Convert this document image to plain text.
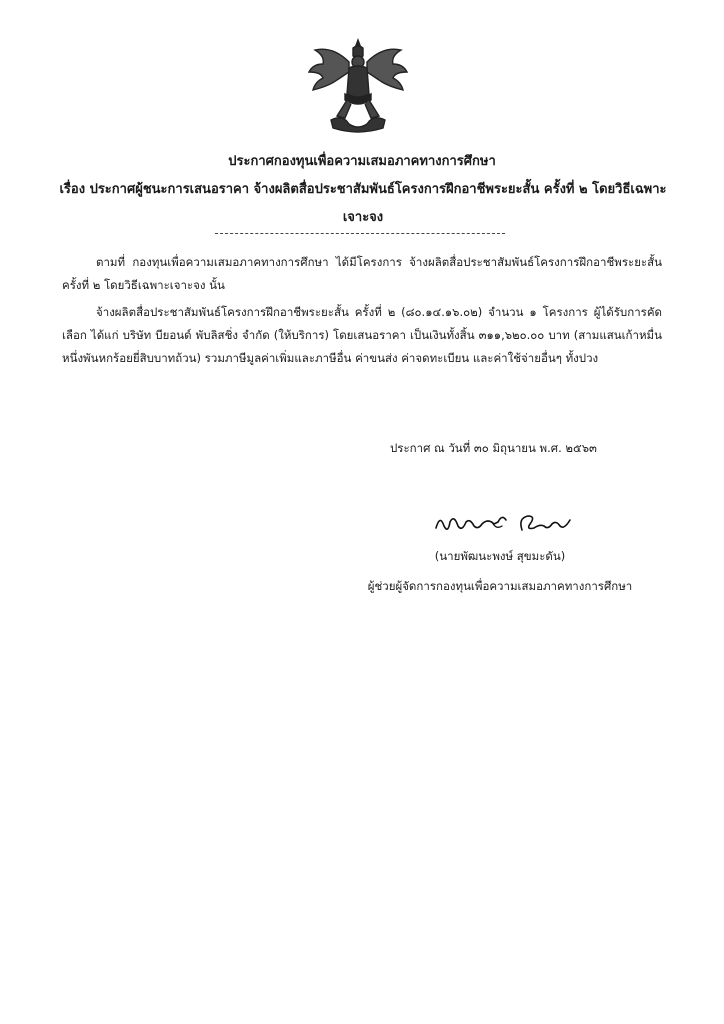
ประกาศกองทุนเพื่อความเสมอภาคทางการศึกษา
เรื่อง ประกาศผู้ชนะการเสนอราคา จ้างผลิตสื่อประชาสัมพันธ์โครงการฝึกอาชีพระยะสั้น ครั้งที่ ๒ โดยวิธีเฉพาะเจาะจง
ตามที่ กองทุนเพื่อความเสมอภาคทางการศึกษา ได้มีโครงการ จ้างผลิตสื่อประชาสัมพันธ์โครงการฝึกอาชีพระยะสั้น ครั้งที่ ๒ โดยวิธีเฉพาะเจาะจง นั้น
จ้างผลิตสื่อประชาสัมพันธ์โครงการฝึกอาชีพระยะสั้น ครั้งที่ ๒ (๘๐.๑๔.๑๖.๐๒) จำนวน ๑ โครงการ ผู้ได้รับการคัดเลือก ได้แก่ บริษัท บียอนด์ พับลิสชิ่ง จำกัด (ให้บริการ) โดยเสนอราคา เป็นเงินทั้งสิ้น ๓๑๑,๖๒๐.๐๐ บาท (สามแสนเก้าหมื่นหนึ่งพันหกร้อยยี่สิบบาทถ้วน) รวมภาษีมูลค่าเพิ่มและภาษีอื่น ค่าขนส่ง ค่าจดทะเบียน และค่าใช้จ่ายอื่นๆ ทั้งปวง
ประกาศ ณ วันที่ ๓๐ มิถุนายน พ.ศ. ๒๕๖๓
(นายพัฒนะพงษ์ สุขมะดัน)
ผู้ช่วยผู้จัดการกองทุนเพื่อความเสมอภาคทางการศึกษา
